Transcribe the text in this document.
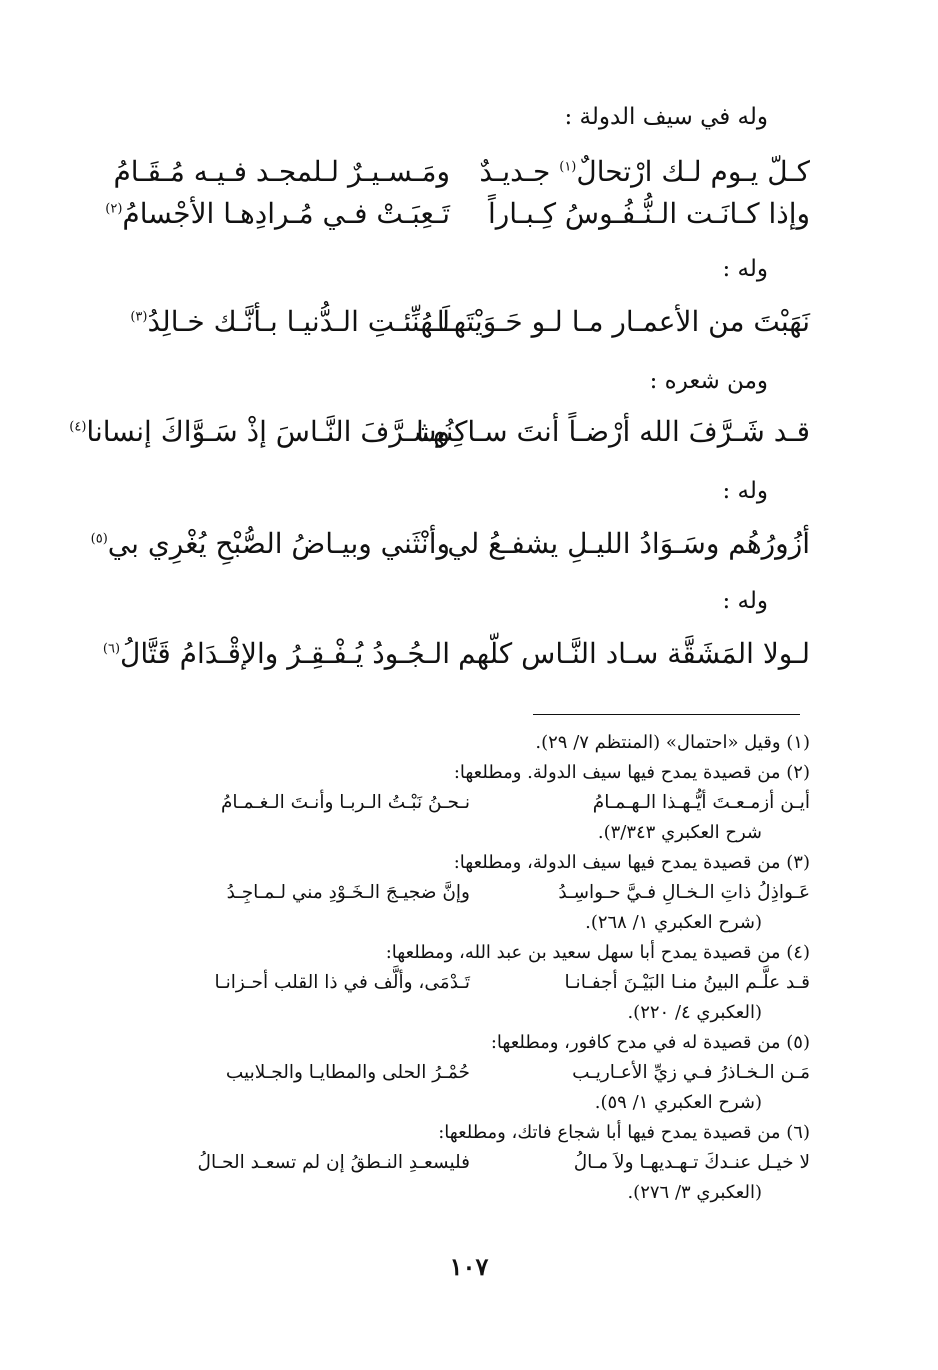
وله في سيف الدولة :
كـلّ يـوم لـك ارْتحالٌ$^{(١)}$ جـديـدٌ
ومَـسـيـرٌ لـلمجـد فـيـه مُـقَـامُ
وإذا كـانَـت الـنُّـفُـوسُ كِـبـاراً
تَـعِبَـتْ فـي مُـرادِهـا الأجْسامُ$^{(٢)}$
وله :
نَهَبْتَ من الأعمـار مـا لـو حَـوَيْتَهـا
لَـهُنِّئـتِ الـدُّنيـا بـأنَّـك خـالِدُ$^{(٣)}$
ومن شعره :
قـد شَـرَّفَ الله أرْضـاً أنتَ سـاكِنُهـا
وشـرَّفَ النَّـاسَ إذْ سَـوَّاكَ إنسانا$^{(٤)}$
وله :
أزُورُهُم وسَـوَادُ الليـلِ يشفـعُ لي
وأنْثَني وبيـاضُ الصُّبْحِ يُغْرِي بي$^{(٥)}$
وله :
لـولا المَشَقَّة سـاد النَّـاس كلّهم
الـجُـودُ يُـفْـقِـرُ والإقْـدَامُ قَتَّالُ$^{(٦)}$
(١) وقيل «احتمال» (المنتظم ٧/ ٢٩).
(٢) من قصيدة يمدح فيها سيف الدولة. ومطلعها:
أيـن أزمـعـتَ أيُّـهـذا الـهـمـامُ
نـحـنُ نَبْـتُ الـربـا وأنـتَ الـغـمـامُ
شرح العكبري ٣/٣٤٣).
(٣) من قصيدة يمدح فيها سيف الدولة، ومطلعها:
عَـواذِلُ ذاتِ الـخـالِ فـيَّ حـواسِـدُ
وإنَّ ضجيـجَ الـخَـوْدِ مني لـمـاجِـدُ
(شرح العكبري ١/ ٢٦٨).
(٤) من قصيدة يمدح أبا سهل سعيد بن عبد الله، ومطلعها:
قـد علَّـم البينُ منـا البَيْـنَ أجفـانـا
تَـدْمَى، وألَّف في ذا القلب أحـزانـا
(العكبري ٤/ ٢٢٠).
(٥) من قصيدة له في مدح كافور، ومطلعها:
مَـن الـخـاذرُ فـي زيِّ الأعـاريـب
حُمْـرُ الحلى والمطايـا والجـلابيب
(شرح العكبري ١/ ٥٩).
(٦) من قصيدة يمدح فيها أبا شجاع فاتك، ومطلعها:
لا خيـل عنـدكَ تـهـديهـا ولاَ مـالُ
فليسعـدِ النـطقُ إن لم تسعـد الحـالُ
(العكبري ٣/ ٢٧٦).
١٠٧
